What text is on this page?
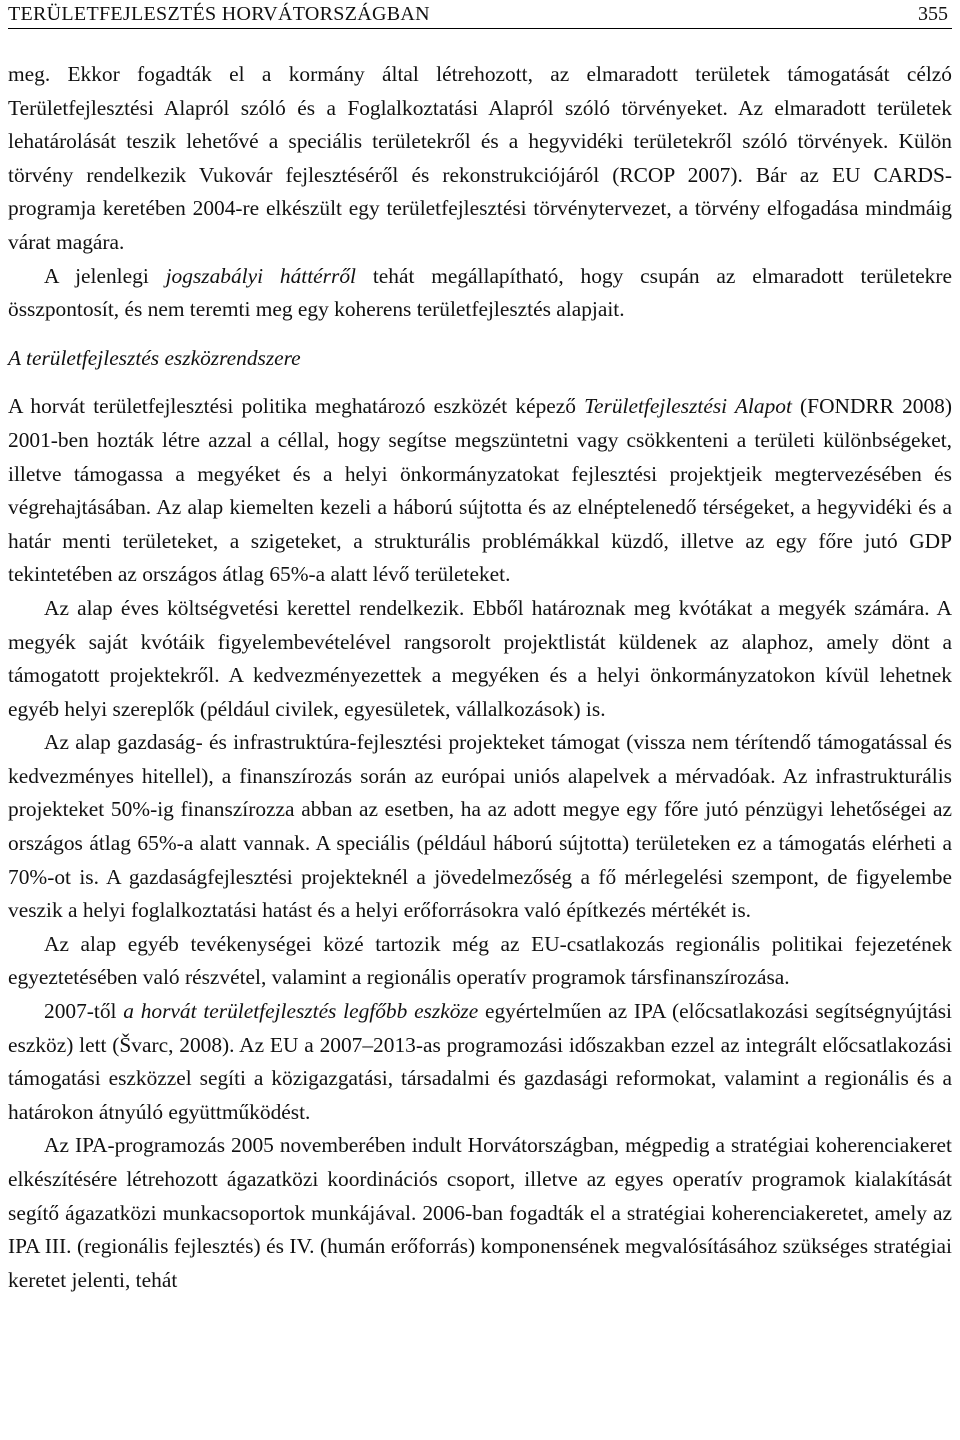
TERÜLETFEJLESZTÉS HORVÁTORSZÁGBAN	355

meg. Ekkor fogadták el a kormány által létrehozott, az elmaradott területek támogatását célzó Területfejlesztési Alapról szóló és a Foglalkoztatási Alapról szóló törvényeket. Az elmaradott területek lehatárolását teszik lehetővé a speciális területekről és a hegyvidéki területekről szóló törvények. Külön törvény rendelkezik Vukovár fejlesztéséről és rekonstrukciójáról (RCOP 2007). Bár az EU CARDS-programja keretében 2004-re elkészült egy területfejlesztési törvénytervezet, a törvény elfogadása mindmáig várat magára.

A jelenlegi jogszabályi háttérről tehát megállapítható, hogy csupán az elmaradott területekre összpontosít, és nem teremti meg egy koherens területfejlesztés alapjait.

A területfejlesztés eszközrendszere

A horvát területfejlesztési politika meghatározó eszközét képező Területfejlesztési Alapot (FONDRR 2008) 2001-ben hozták létre azzal a céllal, hogy segítse megszüntetni vagy csökkenteni a területi különbségeket, illetve támogassa a megyéket és a helyi önkormányzatokat fejlesztési projektjeik megtervezésében és végrehajtásában. Az alap kiemelten kezeli a háború sújtotta és az elnéptelenedő térségeket, a hegyvidéki és a határ menti területeket, a szigeteket, a strukturális problémákkal küzdő, illetve az egy főre jutó GDP tekintetében az országos átlag 65%-a alatt lévő területeket.

Az alap éves költségvetési kerettel rendelkezik. Ebből határoznak meg kvótákat a megyék számára. A megyék saját kvótáik figyelembevételével rangsorolt projektlistát küldenek az alaphoz, amely dönt a támogatott projektekről. A kedvezményezettek a megyéken és a helyi önkormányzatokon kívül lehetnek egyéb helyi szereplők (például civilek, egyesületek, vállalkozások) is.

Az alap gazdaság- és infrastruktúra-fejlesztési projekteket támogat (vissza nem térítendő támogatással és kedvezményes hitellel), a finanszírozás során az európai uniós alapelvek a mérvadóak. Az infrastrukturális projekteket 50%-ig finanszírozza abban az esetben, ha az adott megye egy főre jutó pénzügyi lehetőségei az országos átlag 65%-a alatt vannak. A speciális (például háború sújtotta) területeken ez a támogatás elérheti a 70%-ot is. A gazdaságfejlesztési projekteknél a jövedelmezőség a fő mérlegelési szempont, de figyelembe veszik a helyi foglalkoztatási hatást és a helyi erőforrásokra való építkezés mértékét is.

Az alap egyéb tevékenységei közé tartozik még az EU-csatlakozás regionális politikai fejezetének egyeztetésében való részvétel, valamint a regionális operatív programok társfinanszírozása.

2007-től a horvát területfejlesztés legfőbb eszköze egyértelműen az IPA (előcsatlakozási segítségnyújtási eszköz) lett (Švarc, 2008). Az EU a 2007–2013-as programozási időszakban ezzel az integrált előcsatlakozási támogatási eszközzel segíti a közigazgatási, társadalmi és gazdasági reformokat, valamint a regionális és a határokon átnyúló együttműködést.

Az IPA-programozás 2005 novemberében indult Horvátországban, mégpedig a stratégiai koherenciakeret elkészítésére létrehozott ágazatközi koordinációs csoport, illetve az egyes operatív programok kialakítását segítő ágazatközi munkacsoportok munkájával. 2006-ban fogadták el a stratégiai koherenciakeretet, amely az IPA III. (regionális fejlesztés) és IV. (humán erőforrás) komponensének megvalósításához szükséges stratégiai keretet jelenti, tehát
